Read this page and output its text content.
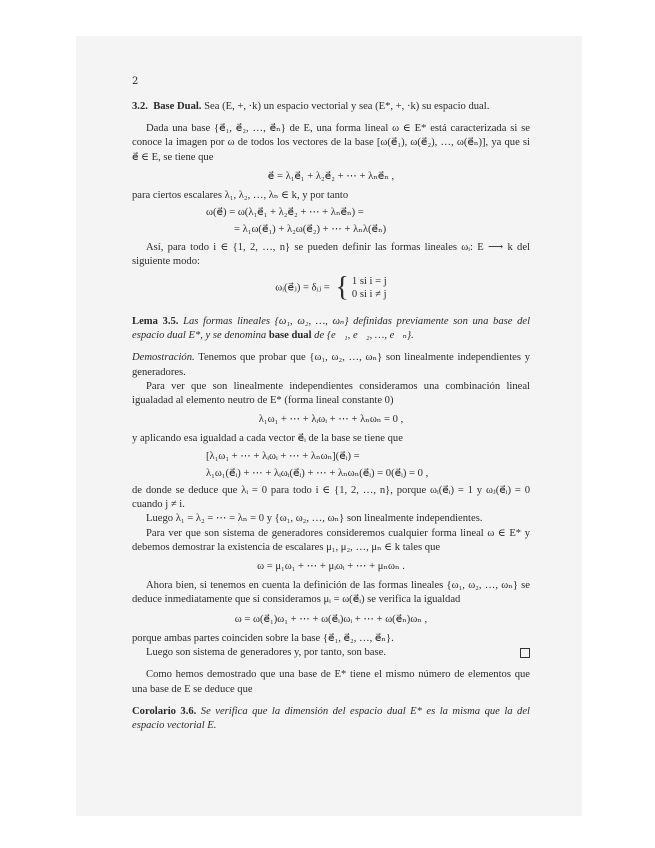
2

3.2. Base Dual. Sea (E, +, ·k) un espacio vectorial y sea (E*, +, ·k) su espacio dual.

Dada una base {e⃗₁, e⃗₂, …, e⃗ₙ} de E, una forma lineal ω ∈ E* está caracterizada si se conoce la imagen por ω de todos los vectores de la base [ω(e⃗₁), ω(e⃗₂), …, ω(e⃗ₙ)], ya que si e⃗ ∈ E, se tiene que

e⃗ = λ₁e⃗₁ + λ₂e⃗₂ + ⋯ + λₙe⃗ₙ ,

para ciertos escalares λ₁, λ₂, …, λₙ ∈ k, y por tanto

ω(e⃗) = ω(λ₁e⃗₁ + λ₂e⃗₂ + ⋯ + λₙe⃗ₙ) =

= λ₁ω(e⃗₁) + λ₂ω(e⃗₂) + ⋯ + λₙλ(e⃗ₙ)

Así, para todo i ∈ {1, 2, …, n} se pueden definir las formas lineales ωᵢ: E ⟶ k del siguiente modo:

ωᵢ(e⃗ⱼ) = δᵢⱼ = { 1 si i = j
0 si i ≠ j

Lema 3.5. Las formas lineales {ω₁, ω₂, …, ωₙ} definidas previamente son una base del espacio dual E*, y se denomina base dual de {e⃗₁, e⃗₂, …, e⃗ₙ}.

Demostración. Tenemos que probar que {ω₁, ω₂, …, ωₙ} son linealmente independientes y generadores.

Para ver que son linealmente independientes consideramos una combinación lineal igualadad al elemento neutro de E* (forma lineal constante 0)

λ₁ω₁ + ⋯ + λᵢωᵢ + ⋯ + λₙωₙ = 0 ,

y aplicando esa igualdad a cada vector e⃗ᵢ de la base se tiene que

[λ₁ω₁ + ⋯ + λᵢωᵢ + ⋯ + λₙωₙ](e⃗ᵢ) =

λ₁ω₁(e⃗ᵢ) + ⋯ + λᵢωᵢ(e⃗ᵢ) + ⋯ + λₙωₙ(e⃗ᵢ) = 0(e⃗ᵢ) = 0 ,

de donde se deduce que λᵢ = 0 para todo i ∈ {1, 2, …, n}, porque ωᵢ(e⃗ᵢ) = 1 y ωⱼ(e⃗ᵢ) = 0 cuando j ≠ i.

Luego λ₁ = λ₂ = ⋯ = λₙ = 0 y {ω₁, ω₂, …, ωₙ} son linealmente independientes.

Para ver que son sistema de generadores consideremos cualquier forma lineal ω ∈ E* y debemos demostrar la existencia de escalares μ₁, μ₂, …, μₙ ∈ k tales que

ω = μ₁ω₁ + ⋯ + μᵢωᵢ + ⋯ + μₙωₙ .

Ahora bien, si tenemos en cuenta la definición de las formas lineales {ω₁, ω₂, …, ωₙ} se deduce inmediatamente que si consideramos μᵢ = ω(e⃗ᵢ) se verifica la igualdad

ω = ω(e⃗₁)ω₁ + ⋯ + ω(e⃗ᵢ)ωᵢ + ⋯ + ω(e⃗ₙ)ωₙ ,

porque ambas partes coinciden sobre la base {e⃗₁, e⃗₂, …, e⃗ₙ}.

Luego son sistema de generadores y, por tanto, son base.

Como hemos demostrado que una base de E* tiene el mismo número de elementos que una base de E se deduce que

Corolario 3.6. Se verifica que la dimensión del espacio dual E* es la misma que la del espacio vectorial E.
